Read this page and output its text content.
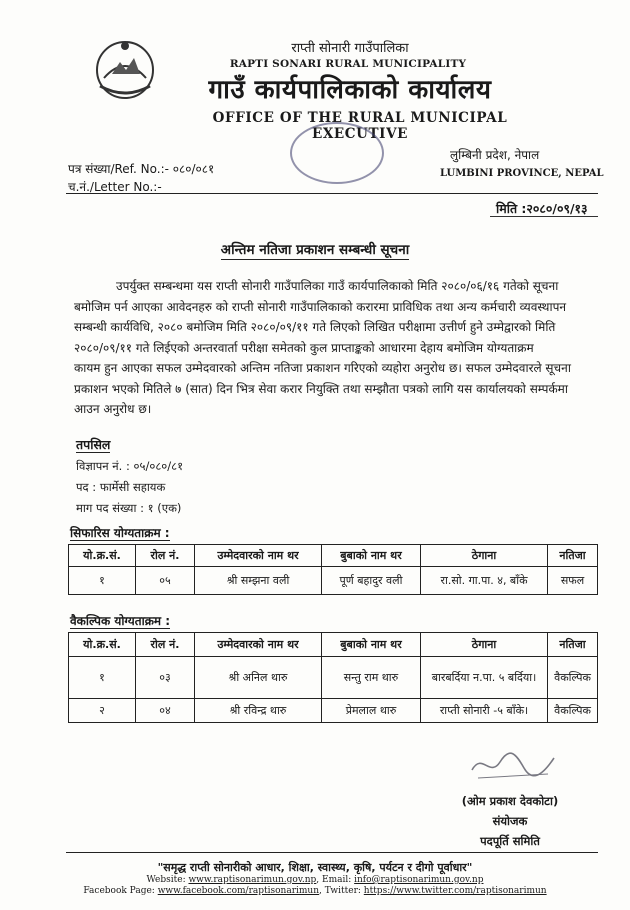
राप्ती सोनारी गाउँपालिका
RAPTI SONARI RURAL MUNICIPALITY
गाउँ कार्यपालिकाको कार्यालय
OFFICE OF THE RURAL MUNICIPAL EXECUTIVE
पत्र संख्या/Ref. No.:- ०८०/०८१
च.नं./Letter No.:-
लुम्बिनी प्रदेश, नेपाल
LUMBINI PROVINCE, NEPAL
मिति :२०८०/०९/१३
अन्तिम नतिजा प्रकाशन सम्बन्धी सूचना
उपर्युक्त सम्बन्धमा यस राप्ती सोनारी गाउँपालिका गाउँ कार्यपालिकाको मिति २०८०/०६/१६ गतेको सूचना
बमोजिम पर्न आएका आवेदनहरु को राप्ती सोनारी गाउँपालिकाको करारमा प्राविधिक तथा अन्य कर्मचारी व्यवस्थापन
सम्बन्धी कार्यविधि, २०८० बमोजिम मिति २०८०/०९/११ गते लिएको लिखित परीक्षामा उत्तीर्ण हुने उम्मेद्वारको मिति
२०८०/०९/११ गते लिईएको अन्तरवार्ता परीक्षा समेतको कुल प्राप्ताङ्कको आधारमा देहाय बमोजिम योग्यताक्रम
कायम हुन आएका सफल उम्मेदवारको अन्तिम नतिजा प्रकाशन गरिएको व्यहोरा अनुरोध छ। सफल उम्मेदवारले सूचना
प्रकाशन भएको मितिले ७ (सात) दिन भित्र सेवा करार नियुक्ति तथा सम्झौता पत्रको लागि यस कार्यालयको सम्पर्कमा
आउन अनुरोध छ।
तपसिल
विज्ञापन नं. : ०५/०८०/८१
पद : फार्मेसी सहायक
माग पद संख्या : १ (एक)
सिफारिस योग्यताक्रम :
यो.क्र.सं.	रोल नं.	उम्मेदवारको नाम थर	बुबाको नाम थर	ठेगाना	नतिजा
१	०५	श्री सम्झना वली	पूर्ण बहादुर वली	रा.सो. गा.पा. ४, बाँके	सफल
वैकल्पिक योग्यताक्रम :
यो.क्र.सं.	रोल नं.	उम्मेदवारको नाम थर	बुबाको नाम थर	ठेगाना	नतिजा
१	०३	श्री अनिल थारु	सन्तु राम थारु	बारबर्दिया न.पा. ५ बर्दिया।	वैकल्पिक
२	०४	श्री रविन्द्र थारु	प्रेमलाल थारु	राप्ती सोनारी -५ बाँके।	वैकल्पिक
(ओम प्रकाश देवकोटा)
संयोजक
पदपूर्ति समिति
"समृद्ध राप्ती सोनारीको आधार, शिक्षा, स्वास्थ्य, कृषि, पर्यटन र दीगो पूर्वाधार"
Website: www.raptisonarimun.gov.np, Email: info@raptisonarimun.gov.np
Facebook Page: www.facebook.com/raptisonarimun, Twitter: https://www.twitter.com/raptisonarimun
